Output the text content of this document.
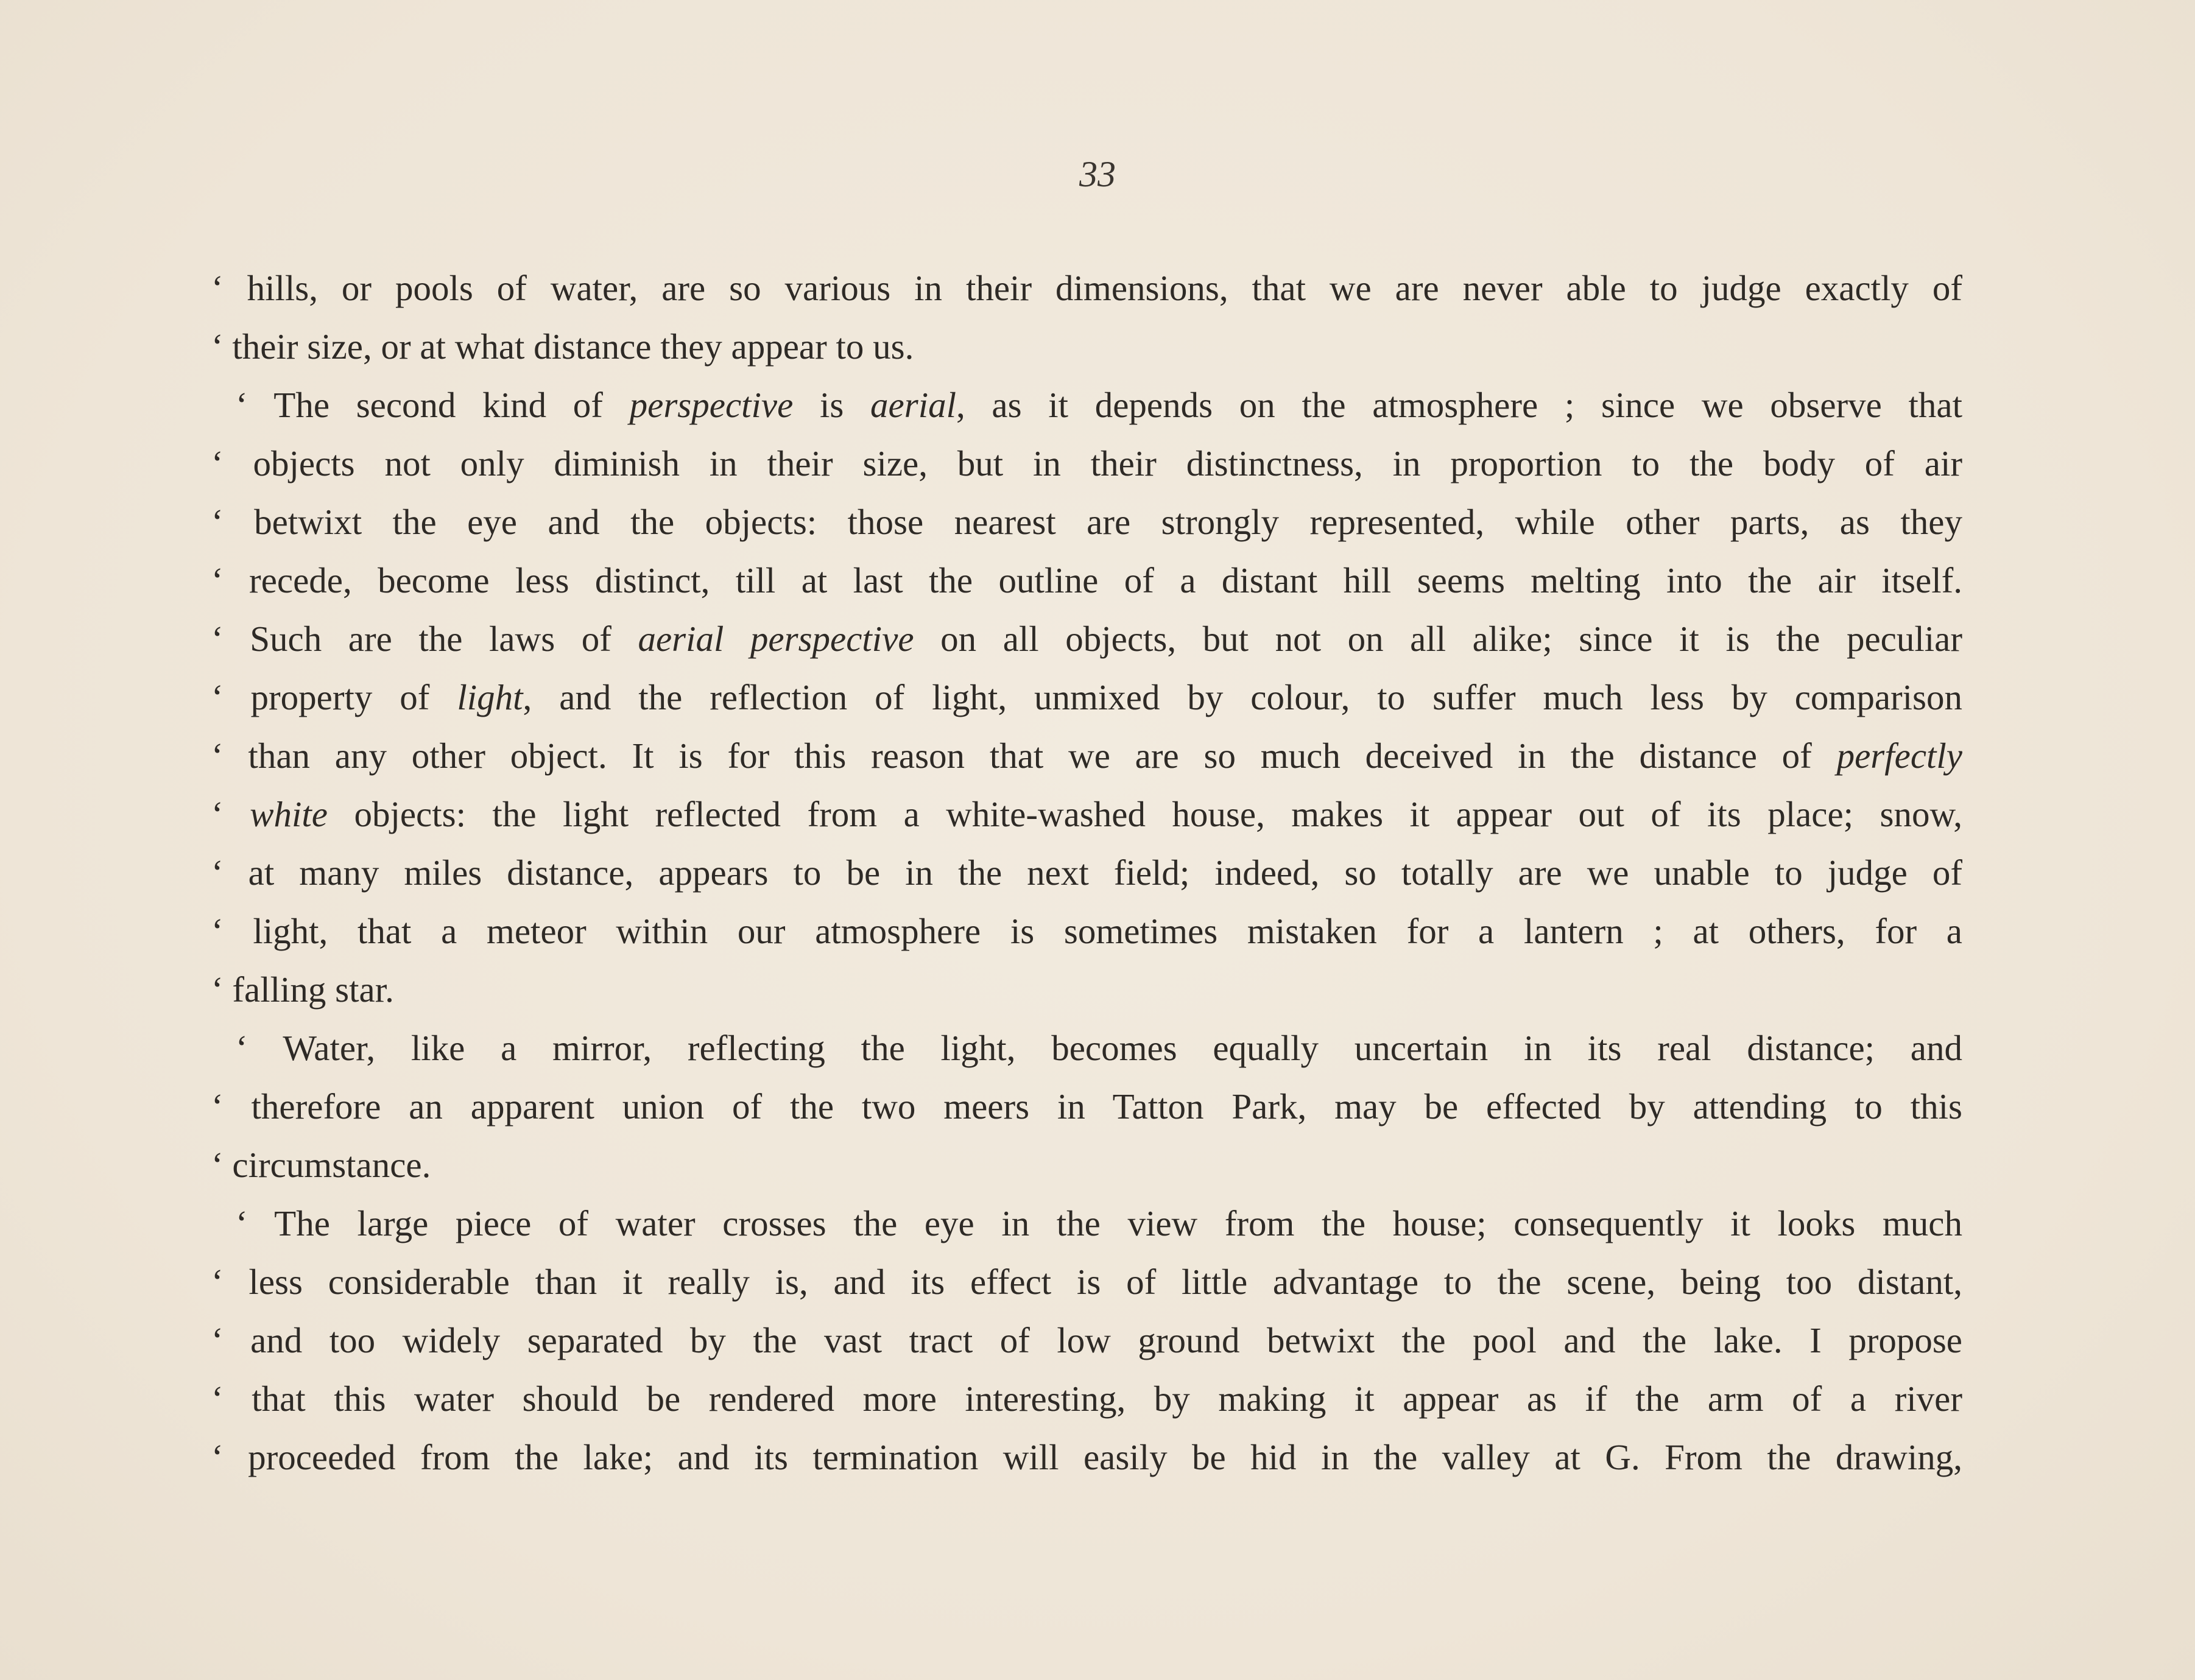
33
‘ hills, or pools of water, are so various in their dimensions, that we are never able to judge exactly of
‘ their size, or at what distance they appear to us.
‘ The second kind of perspective is aerial, as it depends on the atmosphere ; since we observe that
‘ objects not only diminish in their size, but in their distinctness, in proportion to the body of air
‘ betwixt the eye and the objects: those nearest are strongly represented, while other parts, as they
‘ recede, become less distinct, till at last the outline of a distant hill seems melting into the air itself.
‘ Such are the laws of aerial perspective on all objects, but not on all alike; since it is the peculiar
‘ property of light, and the reflection of light, unmixed by colour, to suffer much less by comparison
‘ than any other object. It is for this reason that we are so much deceived in the distance of perfectly
‘ white objects: the light reflected from a white-washed house, makes it appear out of its place; snow,
‘ at many miles distance, appears to be in the next field; indeed, so totally are we unable to judge of
‘ light, that a meteor within our atmosphere is sometimes mistaken for a lantern ; at others, for a
‘ falling star.
‘ Water, like a mirror, reflecting the light, becomes equally uncertain in its real distance; and
‘ therefore an apparent union of the two meers in Tatton Park, may be effected by attending to this
‘ circumstance.
‘ The large piece of water crosses the eye in the view from the house; consequently it looks much
‘ less considerable than it really is, and its effect is of little advantage to the scene, being too distant,
‘ and too widely separated by the vast tract of low ground betwixt the pool and the lake. I propose
‘ that this water should be rendered more interesting, by making it appear as if the arm of a river
‘ proceeded from the lake; and its termination will easily be hid in the valley at G. From the drawing,
